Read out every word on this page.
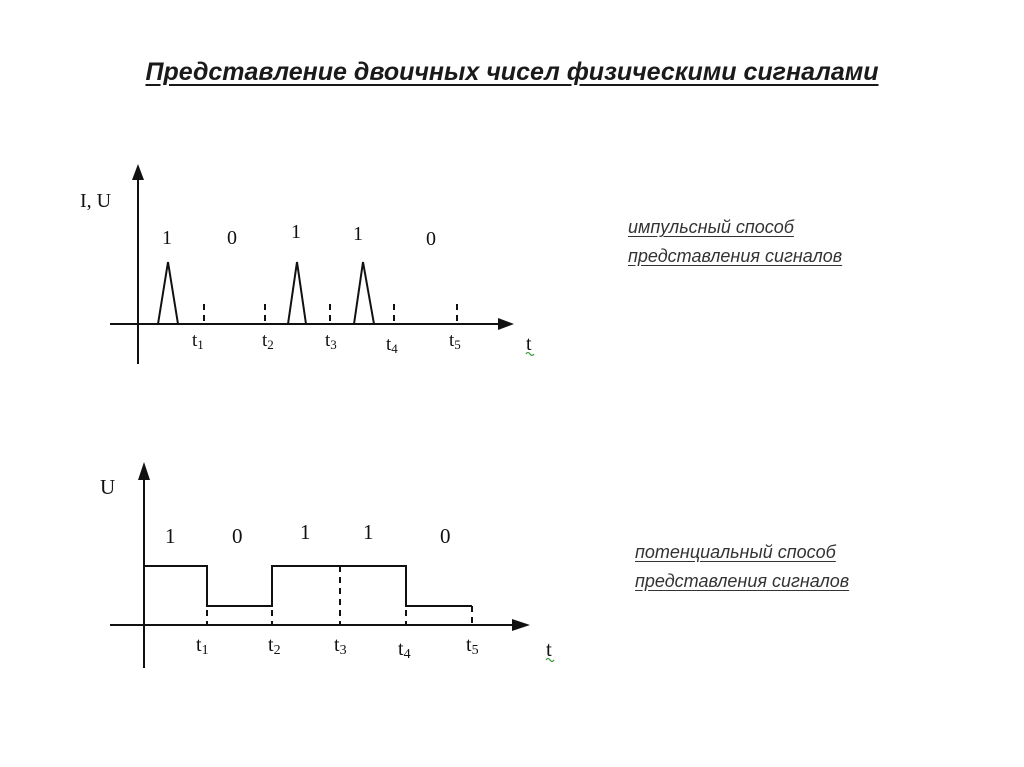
Представление двоичных чисел физическими сигналами
I, U
1	0	1	1	0
t1	t2	t3	t4	t5	t
U
1	0	1	1	0
t1	t2	t3	t4	t5	t
импульсный способ
представления сигналов
потенциальный способ
представления сигналов
